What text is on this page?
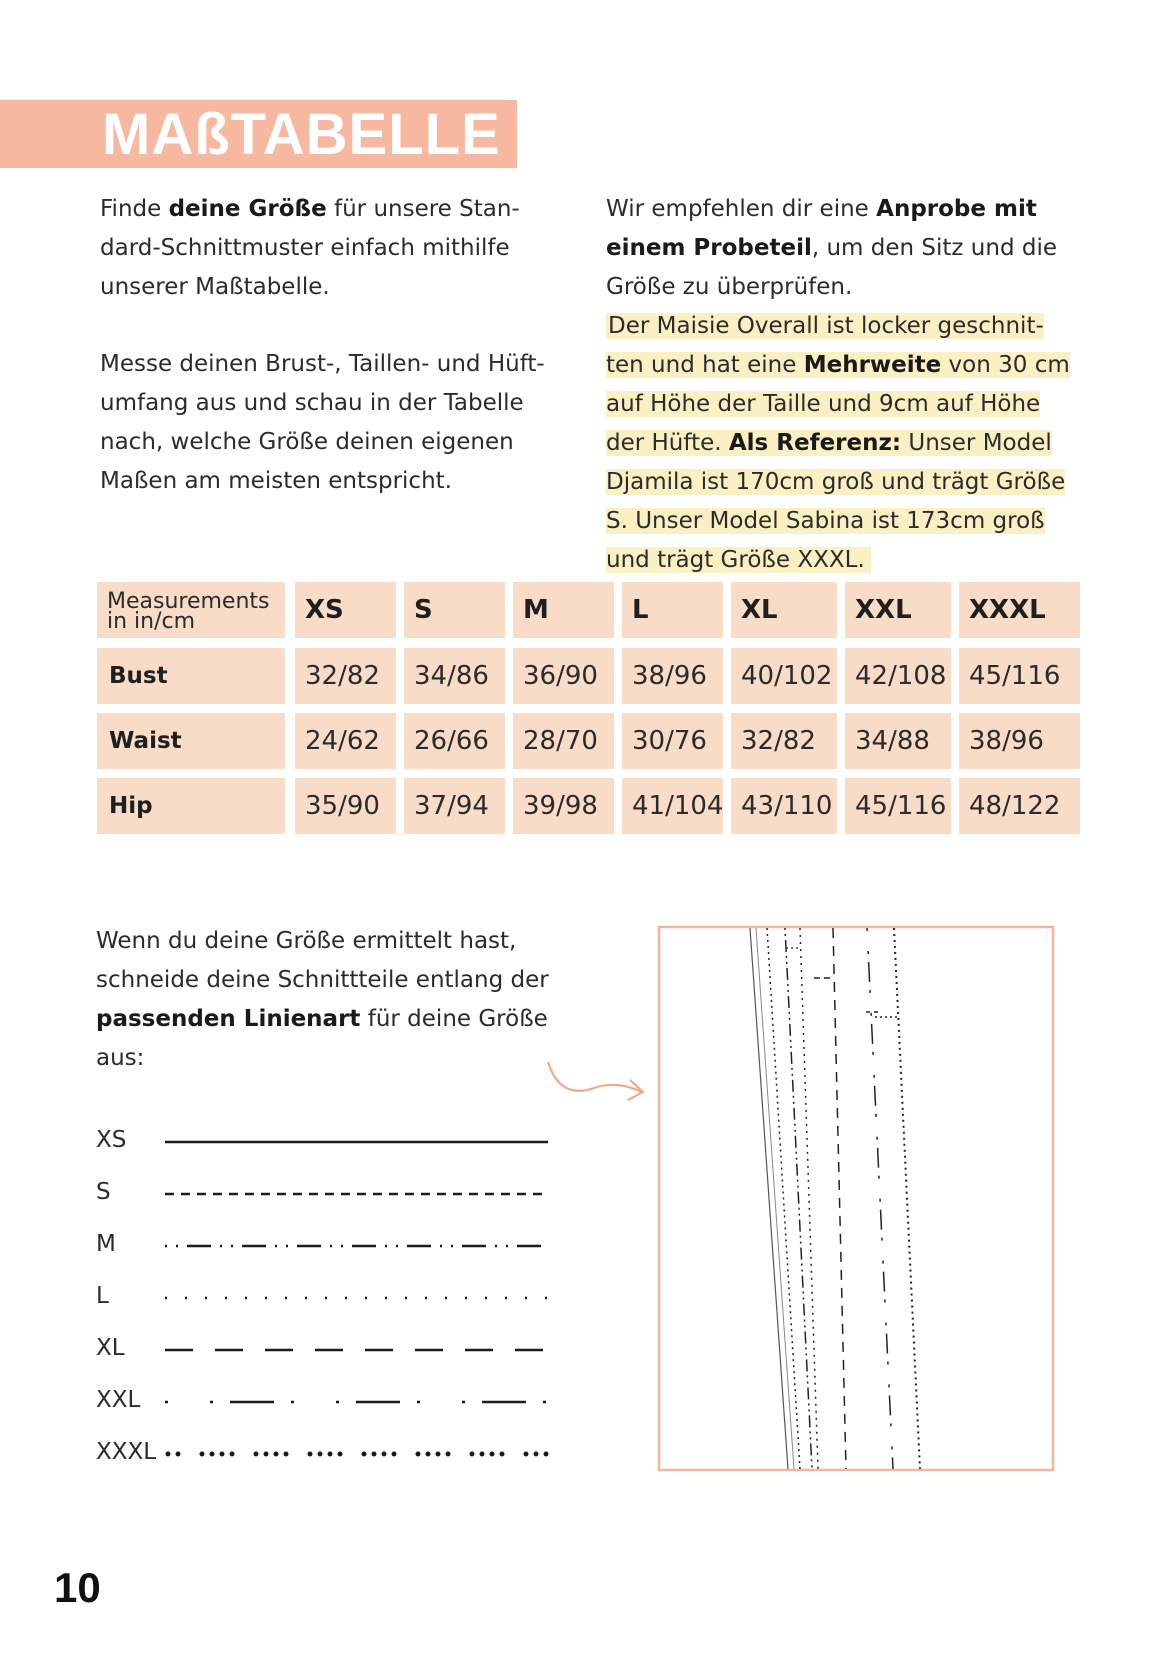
MAßTABELLE

Finde deine Größe für unsere Stan-dard-Schnittmuster einfach mithilfe unserer Maßtabelle.

Messe deinen Brust-, Taillen- und Hüft-umfang aus und schau in der Tabelle nach, welche Größe deinen eigenen Maßen am meisten entspricht.

Wir empfehlen dir eine Anprobe mit einem Probeteil, um den Sitz und die Größe zu überprüfen.
Der Maisie Overall ist locker geschnit-ten und hat eine Mehrweite von 30 cm auf Höhe der Taille und 9cm auf Höhe der Hüfte. Als Referenz: Unser Model Djamila ist 170cm groß und trägt Größe S. Unser Model Sabina ist 173cm groß und trägt Größe XXXL.

Measurements
in in/cm	XS	S	M	L	XL	XXL	XXXL
Bust	32/82	34/86	36/90	38/96	40/102 42/108 45/116
Waist	24/62	26/66	28/70	30/76	32/82	34/88	38/96
Hip	35/90	37/94	39/98	41/104 43/110 45/116 48/122

Wenn du deine Größe ermittelt hast, schneide deine Schnittteile entlang der passenden Linienart für deine Größe aus:

XS
S
M
L
XL
XXL
XXXL

10
